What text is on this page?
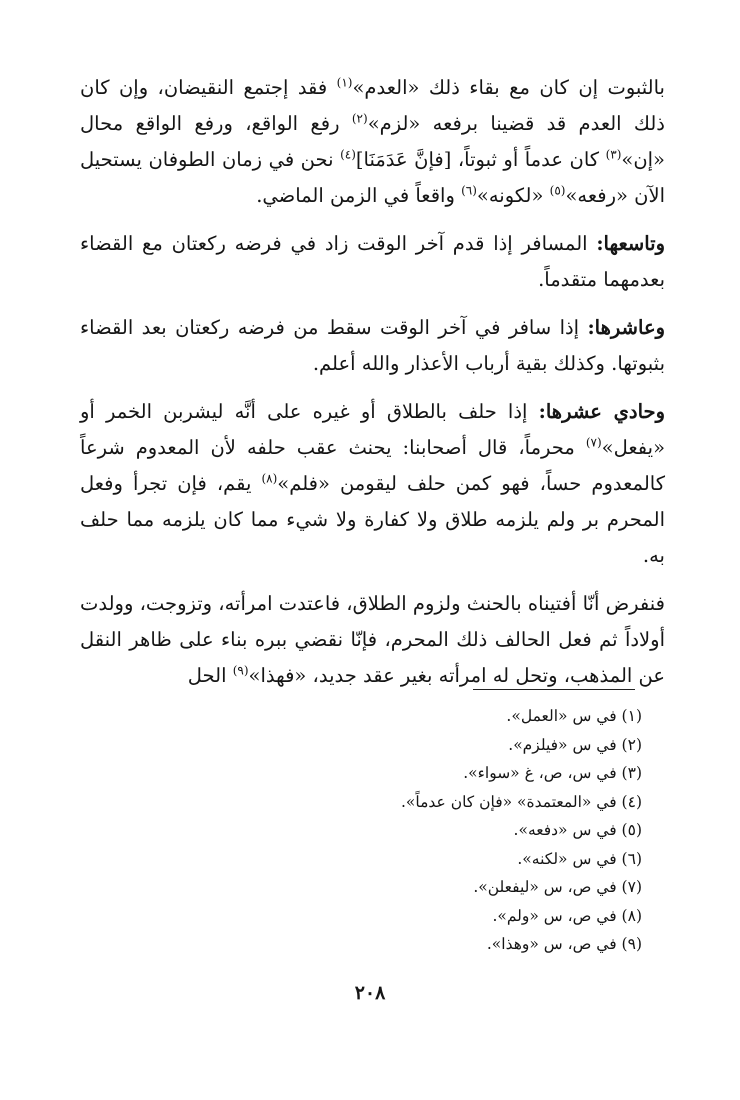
بالثبوت إن كان مع بقاء ذلك «العدم»$^{(١)}$ فقد إجتمع النقيضان، وإن كان ذلك العدم قد قضينا برفعه «لزم»$^{(٢)}$ رفع الواقع، ورفع الواقع محال «إن»$^{(٣)}$ كان عدماً أو ثبوتاً، [فإنَّ عَدَمَنَا]$^{(٤)}$ نحن في زمان الطوفان يستحيل الآن «رفعه»$^{(٥)}$ «لكونه»$^{(٦)}$ واقعاً في الزمن الماضي.

وتاسعها: المسافر إذا قدم آخر الوقت زاد في فرضه ركعتان مع القضاء بعدمهما متقدماً.

وعاشرها: إذا سافر في آخر الوقت سقط من فرضه ركعتان بعد القضاء بثبوتها. وكذلك بقية أرباب الأعذار والله أعلم.

وحادي عشرها: إذا حلف بالطلاق أو غيره على أنَّه ليشربن الخمر أو «يفعل»$^{(٧)}$ محرماً، قال أصحابنا: يحنث عقب حلفه لأن المعدوم شرعاً كالمعدوم حساً، فهو كمن حلف ليقومن «فلم»$^{(٨)}$ يقم، فإن تجرأ وفعل المحرم بر ولم يلزمه طلاق ولا كفارة ولا شيء مما كان يلزمه مما حلف به.

فنفرض أنّا أفتيناه بالحنث ولزوم الطلاق، فاعتدت امرأته، وتزوجت، وولدت أولاداً ثم فعل الحالف ذلك المحرم، فإنّا نقضي ببره بناء على ظاهر النقل عن المذهب، وتحل له امرأته بغير عقد جديد، «فهذا»$^{(٩)}$ الحل

(١) في س «العمل».
(٢) في س «فيلزم».
(٣) في س، ص، غ «سواء».
(٤) في «المعتمدة» «فإن كان عدماً».
(٥) في س «دفعه».
(٦) في س «لكنه».
(٧) في ص، س «ليفعلن».
(٨) في ص، س «ولم».
(٩) في ص، س «وهذا».
٢٠٨
